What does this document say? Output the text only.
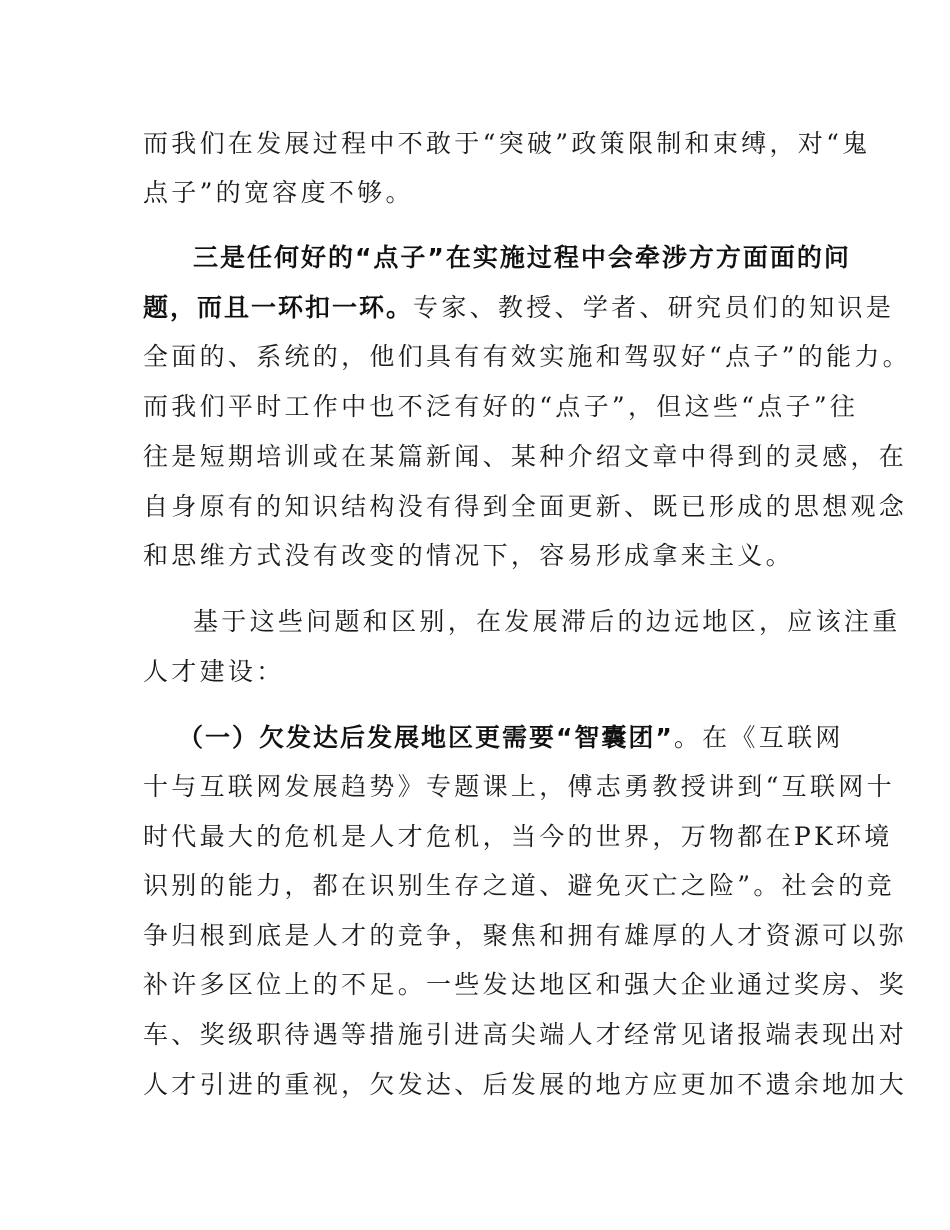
而我们在发展过程中不敢于“突破”政策限制和束缚，对“鬼
点子”的宽容度不够。
三是任何好的“点子”在实施过程中会牵涉方方面面的问
题，而且一环扣一环。专家、教授、学者、研究员们的知识是
全面的、系统的，他们具有有效实施和驾驭好“点子”的能力。
而我们平时工作中也不泛有好的“点子”，但这些“点子”往
往是短期培训或在某篇新闻、某种介绍文章中得到的灵感，在
自身原有的知识结构没有得到全面更新、既已形成的思想观念
和思维方式没有改变的情况下，容易形成拿来主义。
基于这些问题和区别，在发展滞后的边远地区，应该注重
人才建设：
（一）欠发达后发展地区更需要“智囊团”。在《互联网
十与互联网发展趋势》专题课上，傅志勇教授讲到“互联网十
时代最大的危机是人才危机，当今的世界，万物都在PK环境
识别的能力，都在识别生存之道、避免灭亡之险”。社会的竞
争归根到底是人才的竞争，聚焦和拥有雄厚的人才资源可以弥
补许多区位上的不足。一些发达地区和强大企业通过奖房、奖
车、奖级职待遇等措施引进高尖端人才经常见诸报端表现出对
人才引进的重视，欠发达、后发展的地方应更加不遗余地加大
